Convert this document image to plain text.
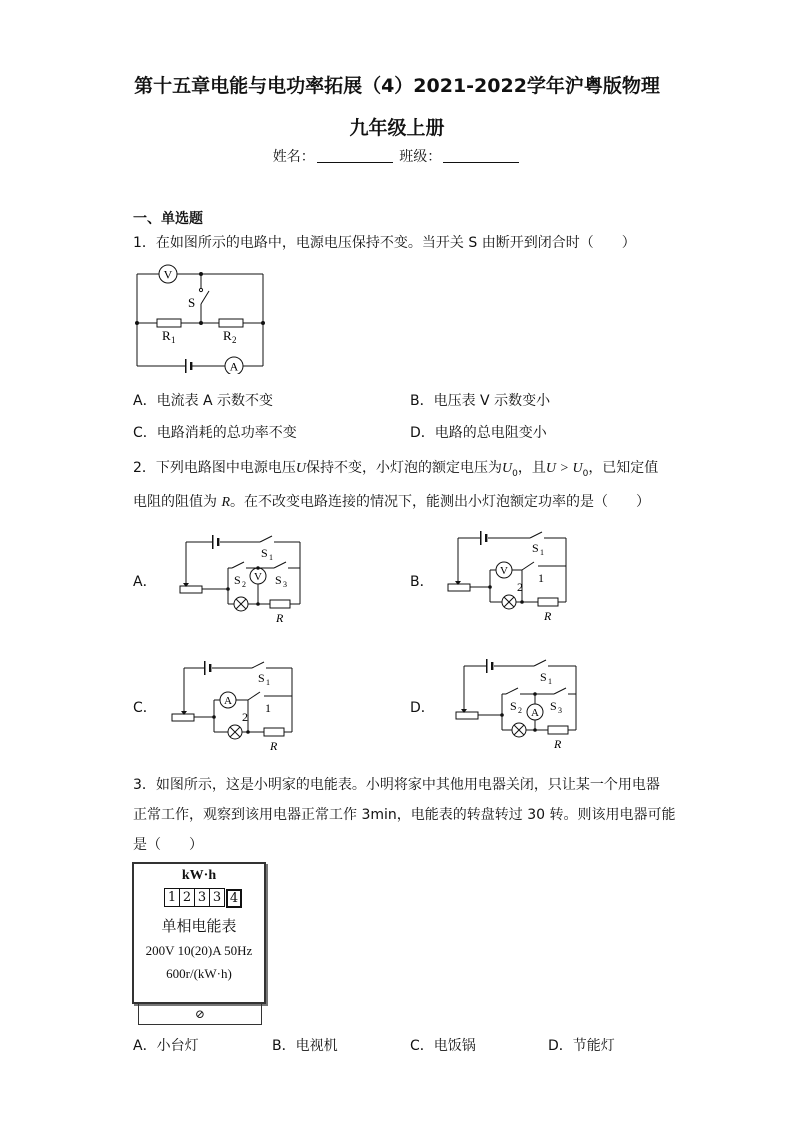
第十五章电能与电功率拓展（4）2021-2022学年沪粤版物理
九年级上册
姓名：	班级：
一、单选题
1．在如图所示的电路中，电源电压保持不变。当开关 S 由断开到闭合时（　　）
V
A
S
R 1	R 2
A．电流表 A 示数不变	B．电压表 V 示数变小
C．电路消耗的总功率不变	D．电路的总电阻变小
2．下列电路图中电源电压U保持不变，小灯泡的额定电压为$U_0$，且$U > U_0$，已知定值
电阻的阻值为 R。在不改变电路连接的情况下，能测出小灯泡额定功率的是（　　）
A．	B．
C．	D．
S 1
S 2 S 3
V
R
S 1
V	1
2
R
S 1
A	1
2
R
S 1
S 2 S 3
A
R
3．如图所示，这是小明家的电能表。小明将家中其他用电器关闭，只让某一个用电器
正常工作，观察到该用电器正常工作 3min，电能表的转盘转过 30 转。则该用电器可能
是（　　）
kW·h
1 2 3 3 4
单相电能表
200V 10(20)A 50Hz
600r/(kW·h)
⊘
A．小台灯	B．电视机	C．电饭锅	D．节能灯
